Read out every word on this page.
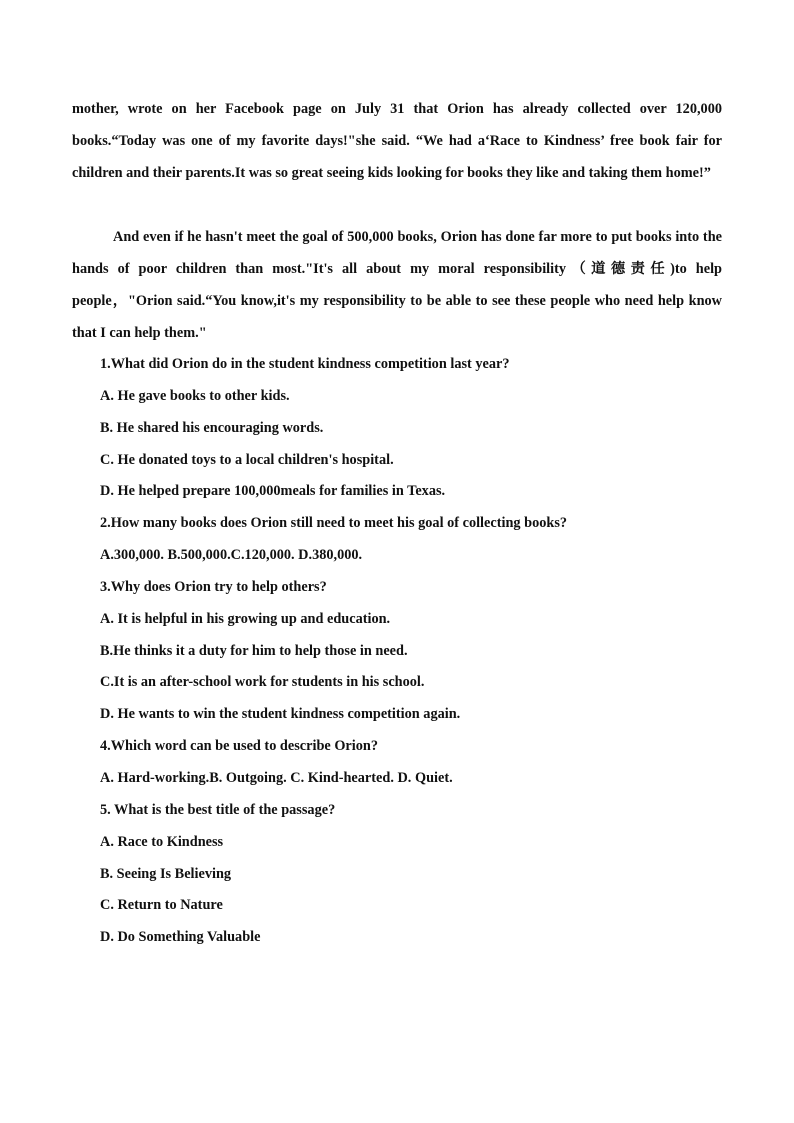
mother, wrote on her Facebook page on July 31 that Orion has already collected over 120,000 books.“Today was one of my favorite days!"she said. “We had a‘Race to Kindness’ free book fair for children and their parents.It was so great seeing kids looking for books they like and taking them home!”

And even if he hasn't meet the goal of 500,000 books, Orion has done far more to put books into the hands of poor children than most."It's all about my moral responsibility（道德责任)to help people，"Orion said.“You know,it's my responsibility to be able to see these people who need help know that I can help them."

1.What did Orion do in the student kindness competition last year?
A. He gave books to other kids.
B. He shared his encouraging words.
C. He donated toys to a local children's hospital.
D. He helped prepare 100,000meals for families in Texas.
2.How many books does Orion still need to meet his goal of collecting books?
A.300,000. B.500,000.C.120,000. D.380,000.
3.Why does Orion try to help others?
A. It is helpful in his growing up and education.
B.He thinks it a duty for him to help those in need.
C.It is an after-school work for students in his school.
D. He wants to win the student kindness competition again.
4.Which word can be used to describe Orion?
A. Hard-working.B. Outgoing. C. Kind-hearted. D. Quiet.
5. What is the best title of the passage?
A. Race to Kindness
B. Seeing Is Believing
C. Return to Nature
D. Do Something Valuable
